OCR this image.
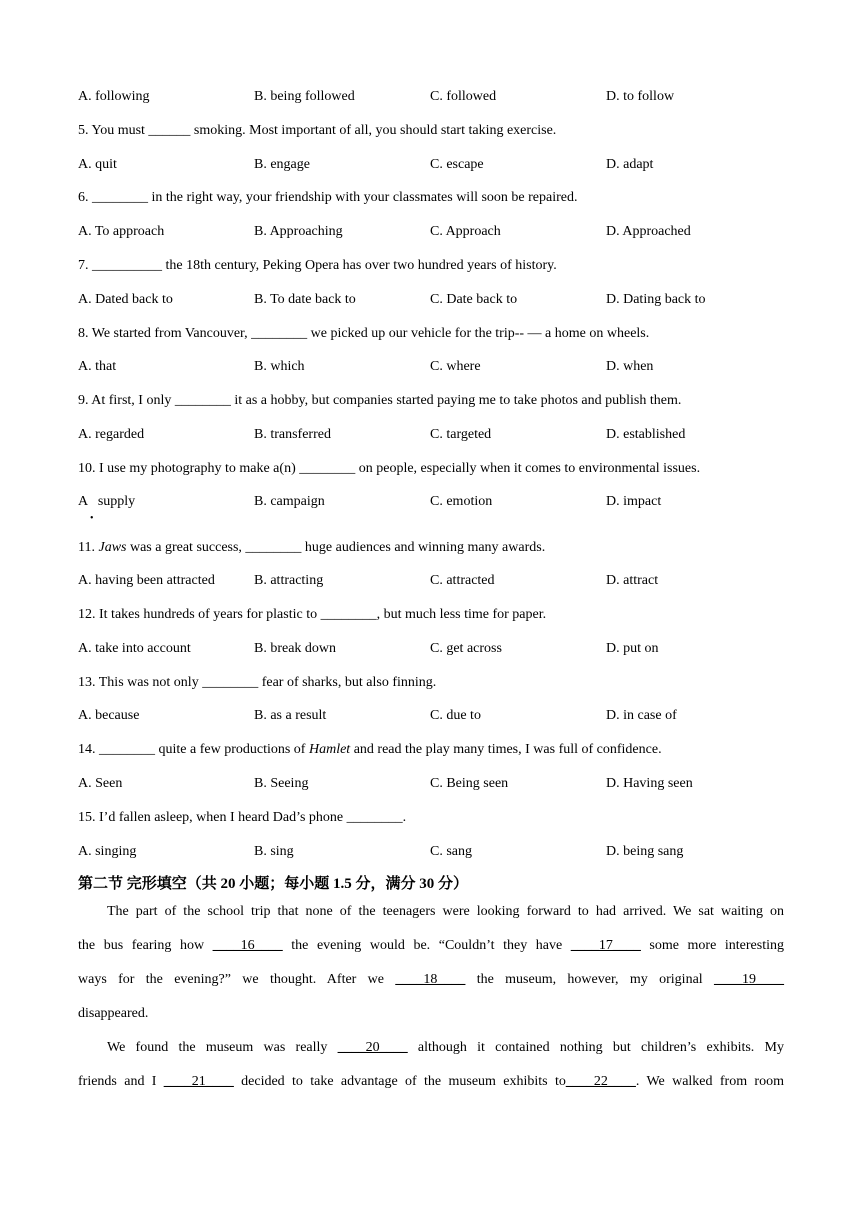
A. following	B. being followed	C. followed	D. to follow
5. You must ______ smoking. Most important of all, you should start taking exercise.
A. quit	B. engage	C. escape	D. adapt
6. ________ in the right way, your friendship with your classmates will soon be repaired.
A. To approach	B. Approaching	C. Approach	D. Approached
7. __________ the 18th century, Peking Opera has over two hundred years of history.
A. Dated back to	B. To date back to	C. Date back to	D. Dating back to
8. We started from Vancouver, ________ we picked up our vehicle for the trip-- — a home on wheels.
A. that	B. which	C. where	D. when
9. At first, I only ________ it as a hobby, but companies started paying me to take photos and publish them.
A. regarded	B. transferred	C. targeted	D. established
10. I use my photography to make a(n) ________ on people, especially when it comes to environmental issues.
A   supply	B. campaign	C. emotion	D. impact
•
11. Jaws was a great success, ________ huge audiences and winning many awards.
A. having been attracted	B. attracting	C. attracted	D. attract
12. It takes hundreds of years for plastic to ________, but much less time for paper.
A. take into account	B. break down	C. get across	D. put on
13. This was not only ________ fear of sharks, but also finning.
A. because	B. as a result	C. due to	D. in case of
14. ________ quite a few productions of Hamlet and read the play many times, I was full of confidence.
A. Seen	B. Seeing	C. Being seen	D. Having seen
15. I’d fallen asleep, when I heard Dad’s phone ________.
A. singing	B. sing	C. sang	D. being sang
第二节 完形填空（共 20 小题；每小题 1.5 分，满分 30 分）
The part of the school trip that none of the teenagers were looking forward to had arrived. We sat waiting on
the bus fearing how ____16____ the evening would be. “Couldn’t they have ____17____ some more interesting
ways for the evening?” we thought. After we ____18____ the museum, however, my original ____19____
disappeared.
We found the museum was really ____20____ although it contained nothing but children’s exhibits. My
friends and I ____21____ decided to take advantage of the museum exhibits to____22____. We walked from room
